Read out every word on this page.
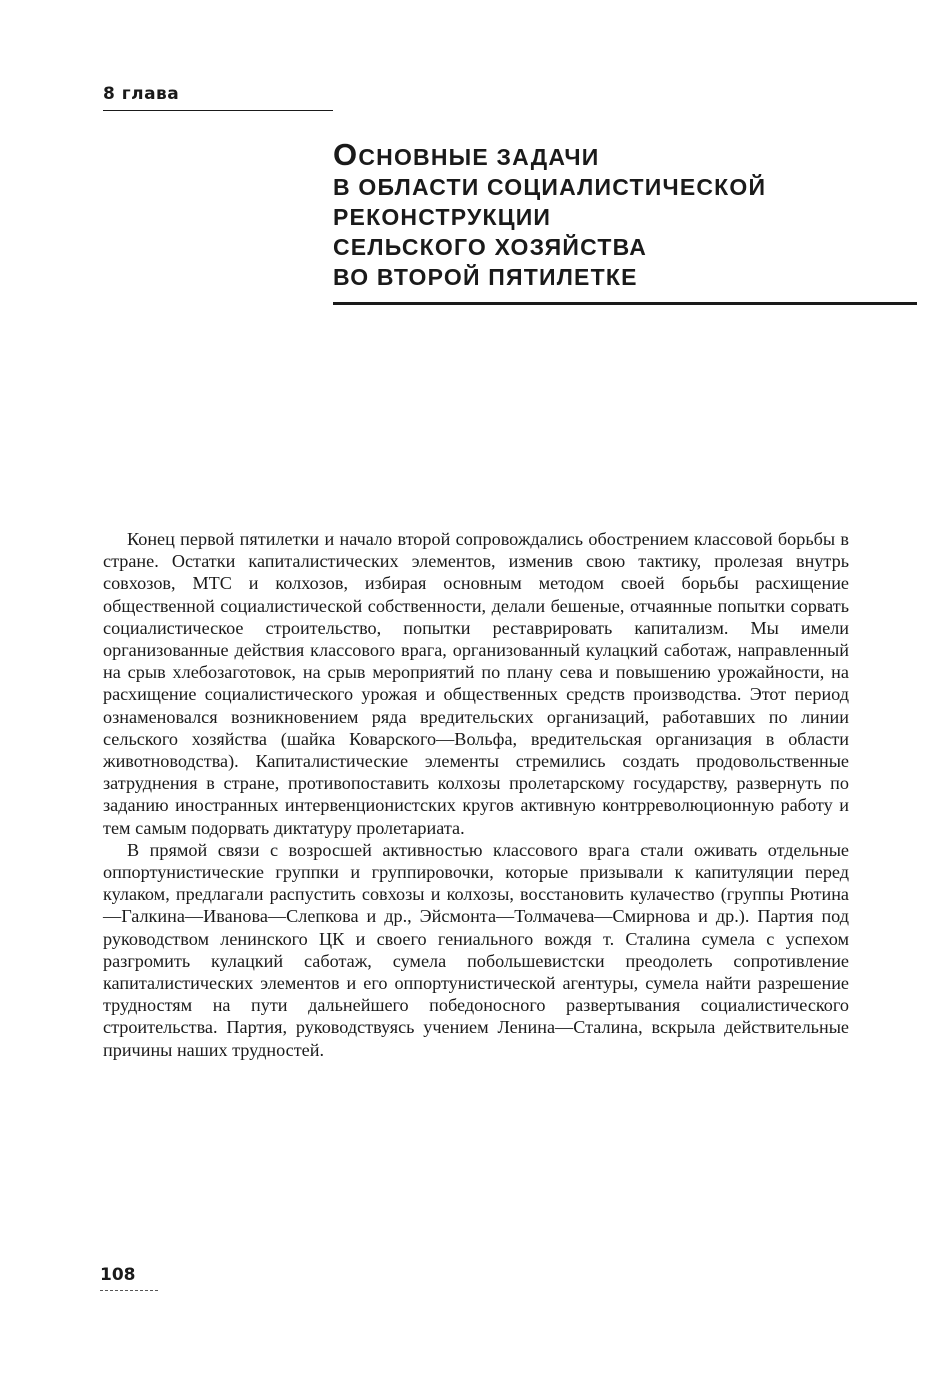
8 глава
ОСНОВНЫЕ ЗАДАЧИ
В ОБЛАСТИ СОЦИАЛИСТИЧЕСКОЙ
РЕКОНСТРУКЦИИ
СЕЛЬСКОГО ХОЗЯЙСТВА
ВО ВТОРОЙ ПЯТИЛЕТКЕ

Конец первой пятилетки и начало второй сопровождались обострением классовой борьбы в стране. Остатки капиталистических элементов, изменив свою тактику, пролезая внутрь совхозов, МТС и колхозов, избирая основным методом своей борьбы расхищение общественной социалистической собственности, делали бешеные, отчаянные попытки сорвать социалистическое строительство, попытки реставрировать капитализм. Мы имели организованные действия классового врага, организованный кулацкий саботаж, направленный на срыв хлебозаготовок, на срыв мероприятий по плану сева и повышению урожайности, на расхищение социалистического урожая и общественных средств производства. Этот период ознаменовался возникновением ряда вредительских организаций, работавших по линии сельского хозяйства (шайка Коварского—Вольфа, вредительская организация в области животноводства). Капиталистические элементы стремились создать продовольственные затруднения в стране, противопоставить колхозы пролетарскому государству, развернуть по заданию иностранных интервенционистских кругов активную контрреволюционную работу и тем самым подорвать диктатуру пролетариата.

В прямой связи с возросшей активностью классового врага стали оживать отдельные оппортунистические группки и группировочки, которые призывали к капитуляции перед кулаком, предлагали распустить совхозы и колхозы, восстановить кулачество (группы Рютина—Галкина—Иванова—Слепкова и др., Эйсмонта—Толмачева—Смирнова и др.). Партия под руководством ленинского ЦК и своего гениального вождя т. Сталина сумела с успехом разгромить кулацкий саботаж, сумела побольшевистски преодолеть сопротивление капиталистических элементов и его оппортунистической агентуры, сумела найти разрешение трудностям на пути дальнейшего победоносного развертывания социалистического строительства. Партия, руководствуясь учением Ленина—Сталина, вскрыла действительные причины наших трудностей.

108
